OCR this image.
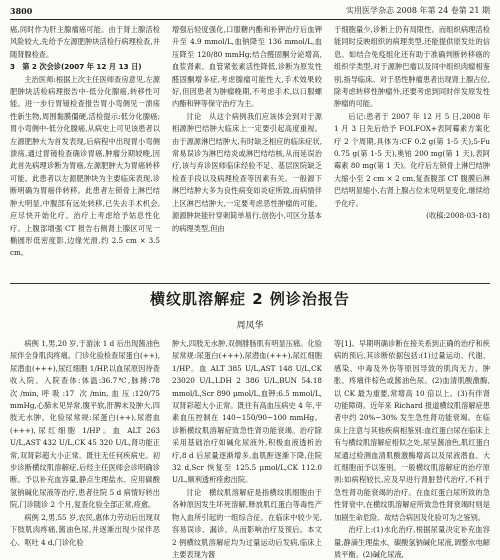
3800	实用医学杂志 2008 年第 24 卷第 21 期

癌,同时作为肝主腺瘤癌可能。由于肾上腺活检风险较大,先给予左源肥肿块活检行病理检查,并随肾腺检查。

3　第 2 次会诊(2007 年 12 月 13 日)

主治医师:根据上次主任医师查房意见,左源肥肿块活检病理报告中-低分化腺癌,转移性可能。进一步行胃镜检查报告胃小弯侧见一溃疡性新生物,周围黏膜僵硬,活检提示:低分化腺癌;胃小弯侧中-低分化腺癌,从病史上可见该患者以左源肥肿大为首发表现,后病程中出现胃小弯侧溃疡,通过胃镜检查确诊胃癌,肿瘤分期较晚,因此首先病理诊断为胃癌,左源肥肿大为胃癌转移可能。此患者以左源肥肿块为主要临床表现,诊断明确为胃癌伴转移。此患者左锁骨上淋巴结肿大明显,中腹部有远处转移,已失去手术机会,应尽快开始化疗。治疗上考虑给予姑息性化疗。上腹部增强 CT 报告右侧肾上腺区可见一椭圆形低密度影,边缘光滑,约 2.5 cm × 3.5 cm。

增强后轻度强化,口服糖内酯和补钾治疗后血钾升至 4.9 mmol/L,血钠降至 136 mmol/L,血压降至 120/80 mmHg;结合醛固酮分泌增高,血浆肾素、血管紧张素活性降低,诊断为原发性醛固酮增多症,考虑腺瘤可能性大,手术效果较好,但因患者为肿瘤晚期,不考虑手术,以口服螺内酯和钾等保守治疗为主。

讨论　从这个病例我们应该体会到对于源相源肿巴结肿大临床上一定要引起高度重视。由于源源淋巴结肿大,有时缺乏相应的临床症状,常易误诊为淋巴结炎或淋巴结结核,从而延误治疗,该与弃诊医师临床经验不足、基层医院缺乏检查手段以及病理检查等因素有关。一般源下淋巴结肿大多为良性病变如炎症所致,而病情伴上区淋巴结肿大,一定要考虑恶性肿瘤的可能。源源肿块能针穿刺简单易行,创伤小,可区分基本的病理类型,但由

于细胞量少,诊断上仍有局限性。而组织病理活检能同时反映组织的病理类型,还能提供原发灶的信息。如结合免疫组化还有助于准确判断转移癌的组织学类型,对于源肿巴瘤以及同中组织肉瘤相鉴别,指导临床。对于恶性肿瘤患者出现肾上腺占位,除考虑转移性肿瘤外,还要考虑到同时伴发原发性肿瘤的可能。

后记:患者于 2007 年 12 月 5 日,2008 年 1 月 3 日先后给予 FOLFOX+表阿霉素方案化疗 2 个周期,具体为:CF 0.2 g(第 1-5 天),5-Fu 0.75 g(第 1-5 天),奥铂 200 mg(第 1 天),表阿霉素 80 mg(第 1 天)。化疗后左锁骨上淋巴结肿大缩小至 2 cm × 2 cm,复查腹部 CT 腹膜后淋巴结明显缩小,右肾上腺占位未见明显变化,继续给予化疗。

(收稿:2008-03-18)

横纹肌溶解症 2 例诊治报告
周凤华

病例 1,男,20 岁,于游泳 1 d 后出现酱油色尿伴全身肌肉疼痛。门诊化验检查尿蛋白(++),尿潜血(+++),尿红细胞 1/HP,以血尿原因待查收入院。入院查体:体温:36.7℃,脉搏:78 次/min,呼吸:17 次/min,血压:120/75 mmHg,心肺未见异常,腹平软,肝脾未及肿大,四肢无水肿。化验尿常规:尿蛋白(++),尿潜血(+++),尿红细胞 1/HP。血 ALT 263 U/L,AST 432 U/L,CK 45 320 U/L,肾功能正常,双肾彩超大小正常。既往无任何疾病史。初步诊断横纹肌溶解症,后经主任医师会诊明确诊断。予以补充血容量,静点生理盐水、应用碳酸氢钠碱化尿液等治疗,患者住院 5 d 病情好转出院,门诊随诊 2 个月,复查化验全部正常,痊愈。

病例 2,男,55 岁,农民,惠体力劳动后出现双下肢肌肉疼痛,酱油色尿,并逐渐出现少尿伴恶心、呕吐 4 d,门诊化验

肿大,四肢无水肿,双侧腓肠肌有明显压痛。化验尿常规:尿蛋白(+++),尿潜血(+++),尿红细胞 1/HP。血 ALT 385 U/L,AST 148 U/L,CK 23020 U/L,LDH 2 386 U/L,BUN 54.18 mmol/L,Scr 890 μmol/L,血钾:6.5 mmol/L,双肾彩超大小正常。既往有高血压病史 4 年,平素血压控制在 140~150/90~100 mmHg。诊断横纹肌溶解症致急性肾功能衰竭。治疗除采用基础治疗如碱化尿液外,积极血液透析治疗,8 d 后尿量逐渐增多,血肌酐逐渐下降,住院 32 d,Scr 恢复至 125.5 μmol/L,CK 112.0 U/L,顺利透析痊愈出院。

讨论　横纹肌溶解症是指横纹肌细胞由于各种原因发生坏死溶解,释放肌红蛋白等毒性产物入血所引起的一组综合征。在临床中较少见,容易误诊、漏诊。从而影响治疗及预后。本文 2 例横纹肌溶解症均为过量运动后发病,临床上主要表现为酱

等[1]。早期明确诊断在接关系到正确的治疗和疾病的预后,其诊断依据包括:(1)过量运动、代谢、感染、中毒及外伤等原因导致的肌肉无力、肿胀、疼痛伴棕色或酱油色尿。(2)血清肌酸激酶,以 CK 最为重要,常增高 10 倍以上。(3)有伴肾功能障碍。近年来 Richard 报道横纹肌溶解症患者中约 20%~30% 发生急性肾功能衰竭。在临床上注意与其他疾病相鉴别:血红蛋白尿在临床上有与横纹肌溶解症相似之处,尿呈酱油色,肌红蛋白尿通过检测血清肌酸激酶增高以及尿液潜血、大红细胞而予以鉴别。一般横纹肌溶解症的治疗原则:如病程较长,应及早进行肾脏替代治疗,不利于急性肾功能衰竭的治疗。在血红蛋白尿所致的急性肾衰中,在横纹肌溶解症所致急性肾衰竭时则是加剧生命危险。故结合病因及化验可为之鉴别。

治疗上:(1)水化治疗,根据尿量决定补充血容量,静滴生理盐水、碳酸氢钠碱化尿液,调整水电解质平衡。(2)碱化尿液,
